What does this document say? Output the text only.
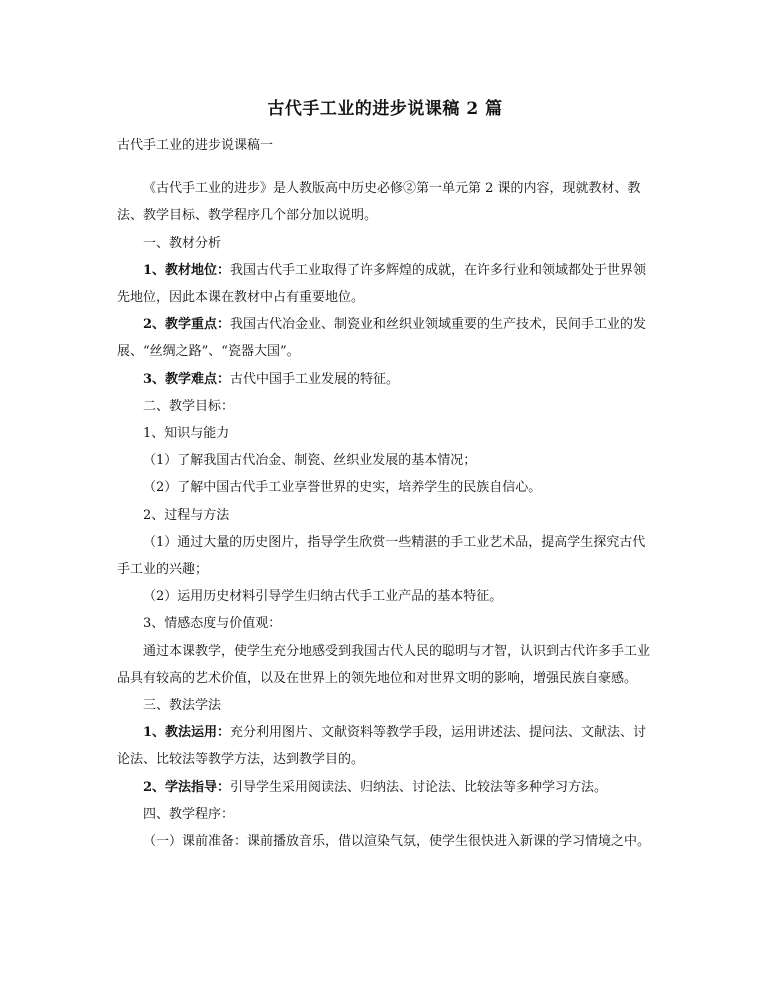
古代手工业的进步说课稿 2 篇

古代手工业的进步说课稿一

《古代手工业的进步》是人教版高中历史必修②第一单元第 2 课的内容，现就教材、教法、教学目标、教学程序几个部分加以说明。

一、教材分析

1、教材地位：我国古代手工业取得了许多辉煌的成就，在许多行业和领域都处于世界领先地位，因此本课在教材中占有重要地位。

2、教学重点：我国古代冶金业、制瓷业和丝织业领域重要的生产技术，民间手工业的发展、“丝绸之路”、“瓷器大国”。

3、教学难点：古代中国手工业发展的特征。

二、教学目标：

1、知识与能力

（1）了解我国古代冶金、制瓷、丝织业发展的基本情况；

（2）了解中国古代手工业享誉世界的史实，培养学生的民族自信心。

2、过程与方法

（1）通过大量的历史图片，指导学生欣赏一些精湛的手工业艺术品，提高学生探究古代手工业的兴趣；

（2）运用历史材料引导学生归纳古代手工业产品的基本特征。

3、情感态度与价值观：

通过本课教学，使学生充分地感受到我国古代人民的聪明与才智，认识到古代许多手工业品具有较高的艺术价值，以及在世界上的领先地位和对世界文明的影响，增强民族自豪感。

三、教法学法

1、教法运用：充分利用图片、文献资料等教学手段，运用讲述法、提问法、文献法、讨论法、比较法等教学方法，达到教学目的。

2、学法指导：引导学生采用阅读法、归纳法、讨论法、比较法等多种学习方法。

四、教学程序：

（一）课前准备：课前播放音乐，借以渲染气氛，使学生很快进入新课的学习情境之中。
